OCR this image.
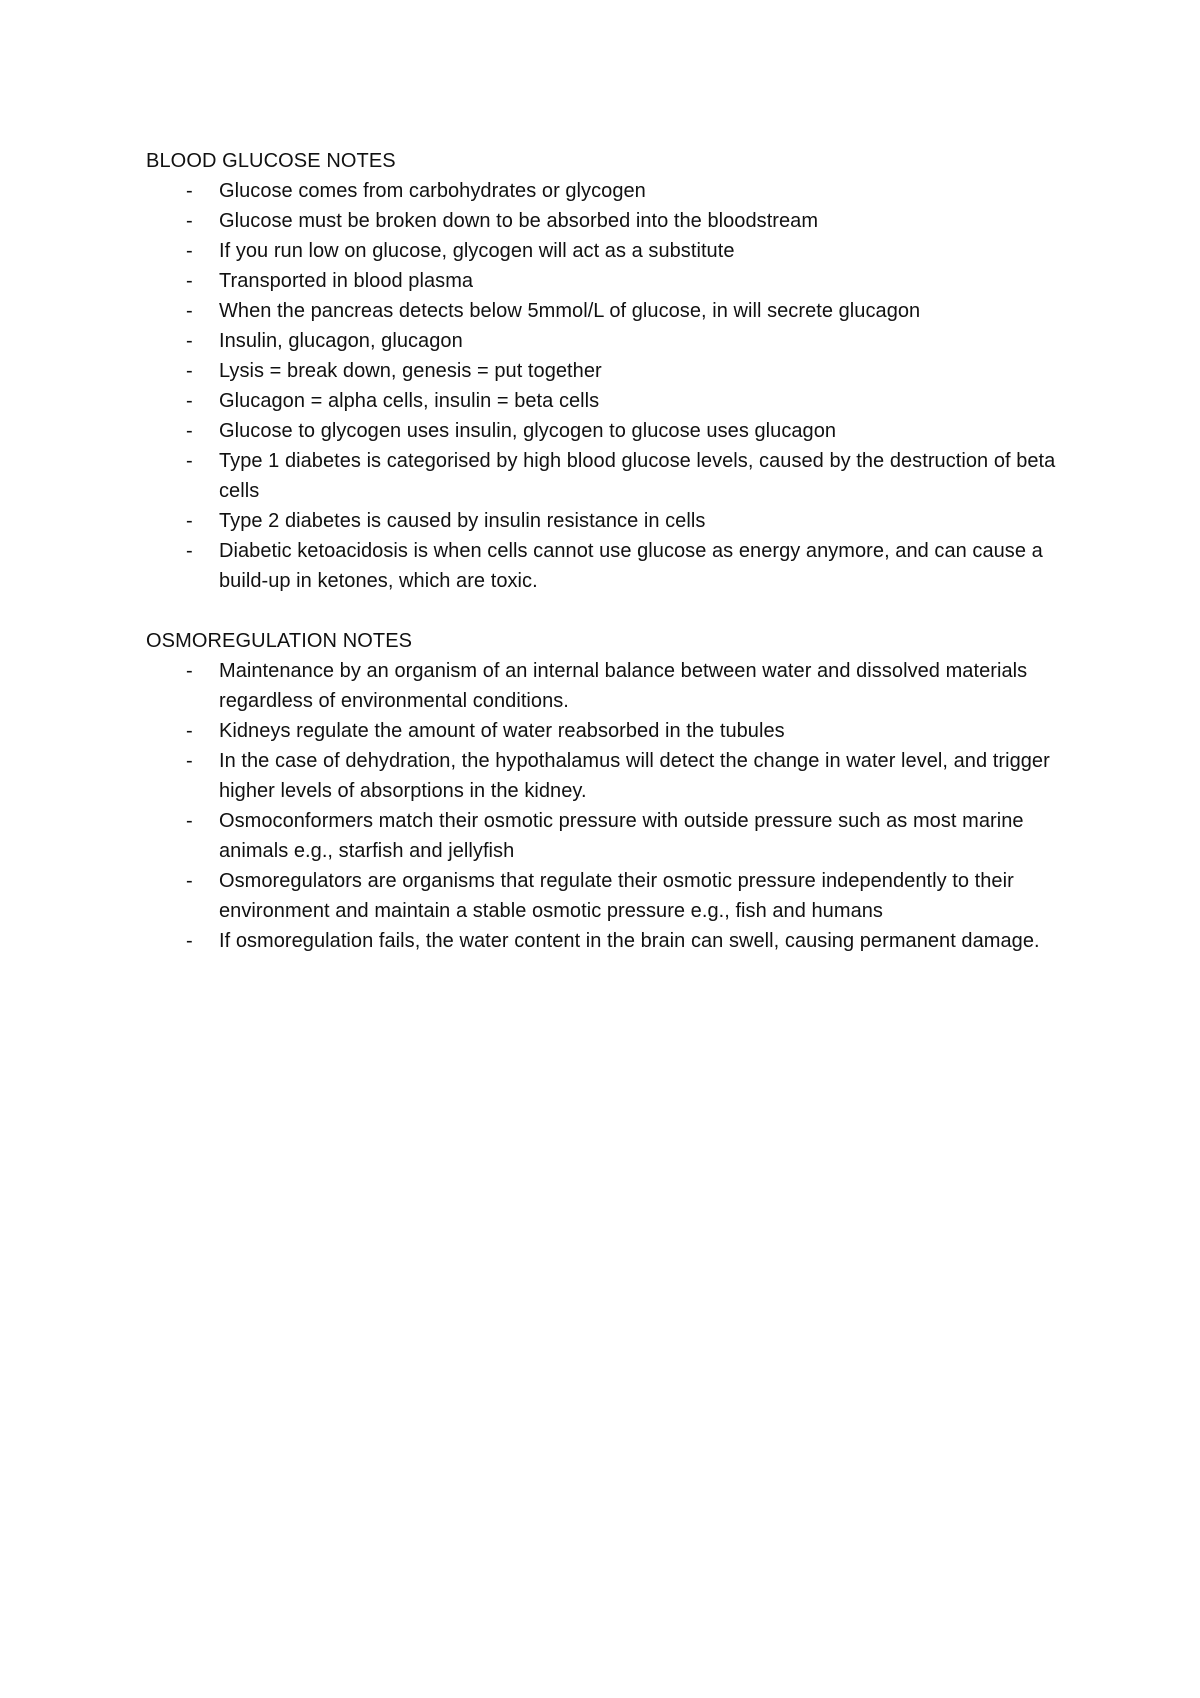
BLOOD GLUCOSE NOTES
- Glucose comes from carbohydrates or glycogen
- Glucose must be broken down to be absorbed into the bloodstream
- If you run low on glucose, glycogen will act as a substitute
- Transported in blood plasma
- When the pancreas detects below 5mmol/L of glucose, in will secrete glucagon
- Insulin, glucagon, glucagon
- Lysis = break down, genesis = put together
- Glucagon = alpha cells, insulin = beta cells
- Glucose to glycogen uses insulin, glycogen to glucose uses glucagon
- Type 1 diabetes is categorised by high blood glucose levels, caused by the destruction of beta cells
- Type 2 diabetes is caused by insulin resistance in cells
- Diabetic ketoacidosis is when cells cannot use glucose as energy anymore, and can cause a build-up in ketones, which are toxic.
OSMOREGULATION NOTES
- Maintenance by an organism of an internal balance between water and dissolved materials regardless of environmental conditions.
- Kidneys regulate the amount of water reabsorbed in the tubules
- In the case of dehydration, the hypothalamus will detect the change in water level, and trigger higher levels of absorptions in the kidney.
- Osmoconformers match their osmotic pressure with outside pressure such as most marine animals e.g., starfish and jellyfish
- Osmoregulators are organisms that regulate their osmotic pressure independently to their environment and maintain a stable osmotic pressure e.g., fish and humans
- If osmoregulation fails, the water content in the brain can swell, causing permanent damage.
